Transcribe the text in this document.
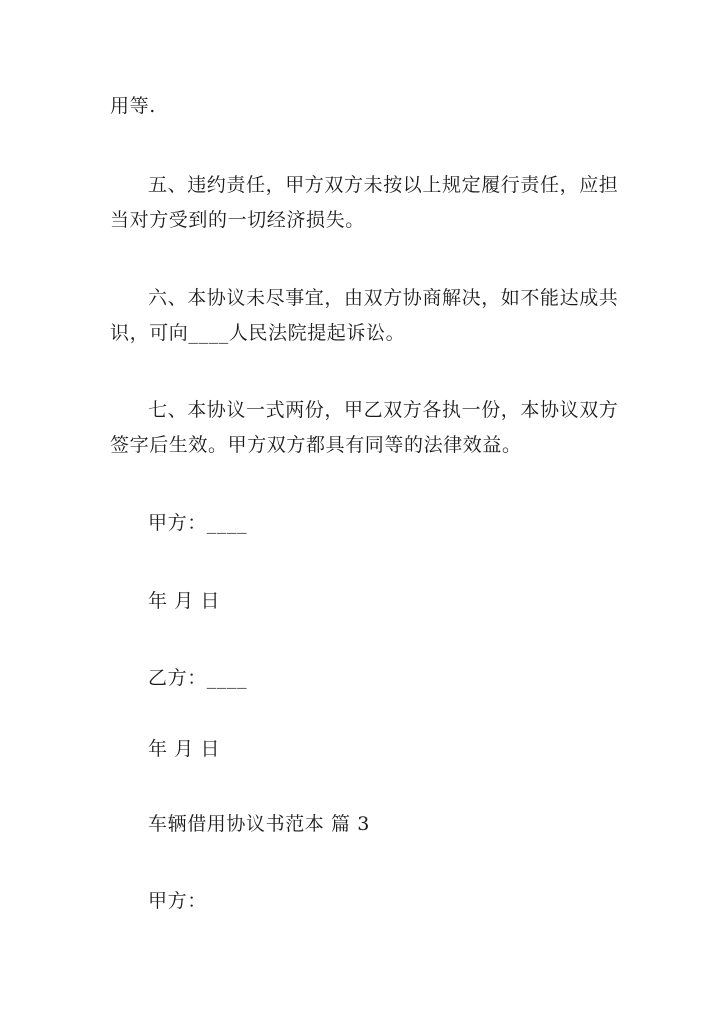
用等.
五、违约责任，甲方双方未按以上规定履行责任，应担
当对方受到的一切经济损失。
六、本协议未尽事宜，由双方协商解决，如不能达成共
识，可向____人民法院提起诉讼。
七、本协议一式两份，甲乙双方各执一份，本协议双方
签字后生效。甲方双方都具有同等的法律效益。
甲方：____
年 月 日
乙方：____
年 月 日
车辆借用协议书范本 篇 3
甲方：
